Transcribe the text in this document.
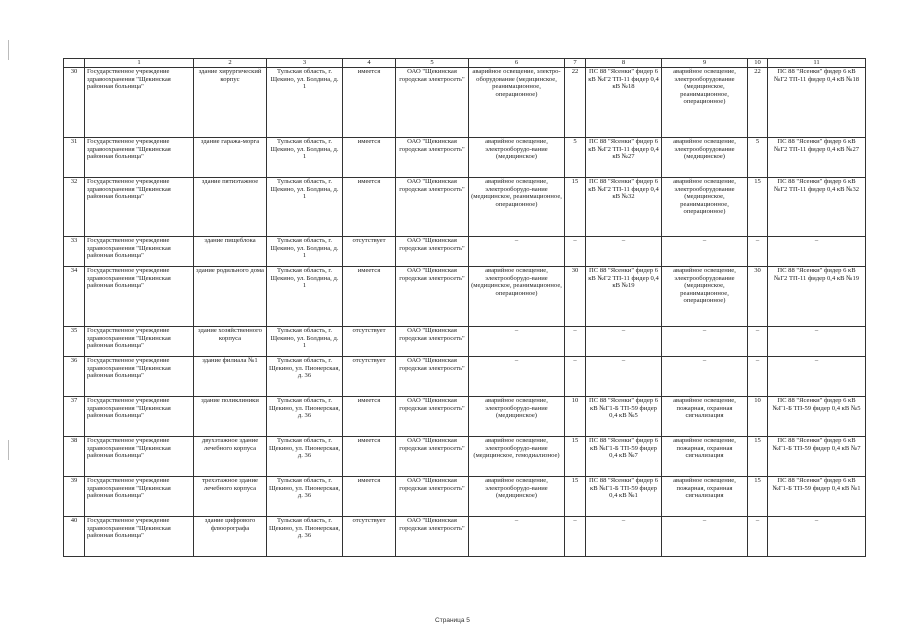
	1	2	3	4	5	6	7	8	9	10	11
30	Государственное учреждение здравоохранения "Щекинская районная больница"	здание хирургический корпус	Тульская область, г. Щекино, ул. Болдина, д. 1	имеется	ОАО "Щекинская городская электросеть"	аварийное освещение, электро-оборудование (медицинское, реанимационное, операционное)	22	ПС 88 "Ясенки" фидер 6 кВ №Г2 ТП-11 фидер 0,4 кВ №18	аварийное освещение, электрооборудование (медицинское, реанимационное, операционное)	22	ПС 88 "Ясенки" фидер 6 кВ №Г2 ТП-11 фидер 0,4 кВ №18
31	Государственное учреждение здравоохранения "Щекинская районная больница"	здание гаража-морга	Тульская область, г. Щекино, ул. Болдина, д. 1	имеется	ОАО "Щекинская городская электросеть"	аварийное освещение, электрооборудо-вание (медицинское)	5	ПС 88 "Ясенки" фидер 6 кВ №Г2 ТП-11 фидер 0,4 кВ №27	аварийное освещение, электрооборудование (медицинское)	5	ПС 88 "Ясенки" фидер 6 кВ №Г2 ТП-11 фидер 0,4 кВ №27
32	Государственное учреждение здравоохранения "Щекинская районная больница"	здание пятиэтажное	Тульская область, г. Щекино, ул. Болдина, д. 1	имеется	ОАО "Щекинская городская электросеть"	аварийное освещение, электрооборудо-вание (медицинское, реанимационное, операционное)	15	ПС 88 "Ясенки" фидер 6 кВ №Г2 ТП-11 фидер 0,4 кВ №32	аварийное освещение, электрооборудование (медицинское, реанимационное, операционное)	15	ПС 88 "Ясенки" фидер 6 кВ №Г2 ТП-11 фидер 0,4 кВ №32
33	Государственное учреждение здравоохранения "Щекинская районная больница"	здание пищеблока	Тульская область, г. Щекино, ул. Болдина, д. 1	отсутствует	ОАО "Щекинская городская электросеть"	–	–	–	–	–	–
34	Государственное учреждение здравоохранения "Щекинская районная больница"	здание родильного дома	Тульская область, г. Щекино, ул. Болдина, д. 1	имеется	ОАО "Щекинская городская электросеть"	аварийное освещение, электрооборудо-вание (медицинское, реанимационное, операционное)	30	ПС 88 "Ясенки" фидер 6 кВ №Г2 ТП-11 фидер 0,4 кВ №19	аварийное освещение, электрооборудование (медицинское, реанимационное, операционное)	30	ПС 88 "Ясенки" фидер 6 кВ №Г2 ТП-11 фидер 0,4 кВ №19
35	Государственное учреждение здравоохранения "Щекинская районная больница"	здание хозяйственного корпуса	Тульская область, г. Щекино, ул. Болдина, д. 1	отсутствует	ОАО "Щекинская городская электросеть"	–	–	–	–	–	–
36	Государственное учреждение здравоохранения "Щекинская районная больница"	здание филиала №1	Тульская область, г. Щекино, ул. Пионерская, д. 36	отсутствует	ОАО "Щекинская городская электросеть"	–	–	–	–	–	–
37	Государственное учреждение здравоохранения "Щекинская районная больница"	здание поликлиники	Тульская область, г. Щекино, ул. Пионерская, д. 36	имеется	ОАО "Щекинская городская электросеть"	аварийное освещение, электрооборудо-вание (медицинское)	10	ПС 88 "Ясенки" фидер 6 кВ №Г1-Б ТП-59 фидер 0,4 кВ №5	аварийное освещение, пожарная, охранная сигнализация	10	ПС 88 "Ясенки" фидер 6 кВ №Г1-Б ТП-59 фидер 0,4 кВ №5
38	Государственное учреждение здравоохранения "Щекинская районная больница"	двухэтажное здание лечебного корпуса	Тульская область, г. Щекино, ул. Пионерская, д. 36	имеется	ОАО "Щекинская городская электросеть"	аварийное освещение, электрооборудо-вание (медицинское, гемодиализное)	15	ПС 88 "Ясенки" фидер 6 кВ №Г1-Б ТП-59 фидер 0,4 кВ №7	аварийное освещение, пожарная, охранная сигнализация	15	ПС 88 "Ясенки" фидер 6 кВ №Г1-Б ТП-59 фидер 0,4 кВ №7
39	Государственное учреждение здравоохранения "Щекинская районная больница"	трехэтажное здание лечебного корпуса	Тульская область, г. Щекино, ул. Пионерская, д. 36	имеется	ОАО "Щекинская городская электросеть"	аварийное освещение, электрооборудо-вание (медицинское)	15	ПС 88 "Ясенки" фидер 6 кВ №Г1-Б ТП-59 фидер 0,4 кВ №1	аварийное освещение, пожарная, охранная сигнализация	15	ПС 88 "Ясенки" фидер 6 кВ №Г1-Б ТП-59 фидер 0,4 кВ №1
40	Государственное учреждение здравоохранения "Щекинская районная больница"	здание цифрового флюорографа	Тульская область, г. Щекино, ул. Пионерская, д. 36	отсутствует	ОАО "Щекинская городская электросеть"	–	–	–	–	–	–
Страница 5
